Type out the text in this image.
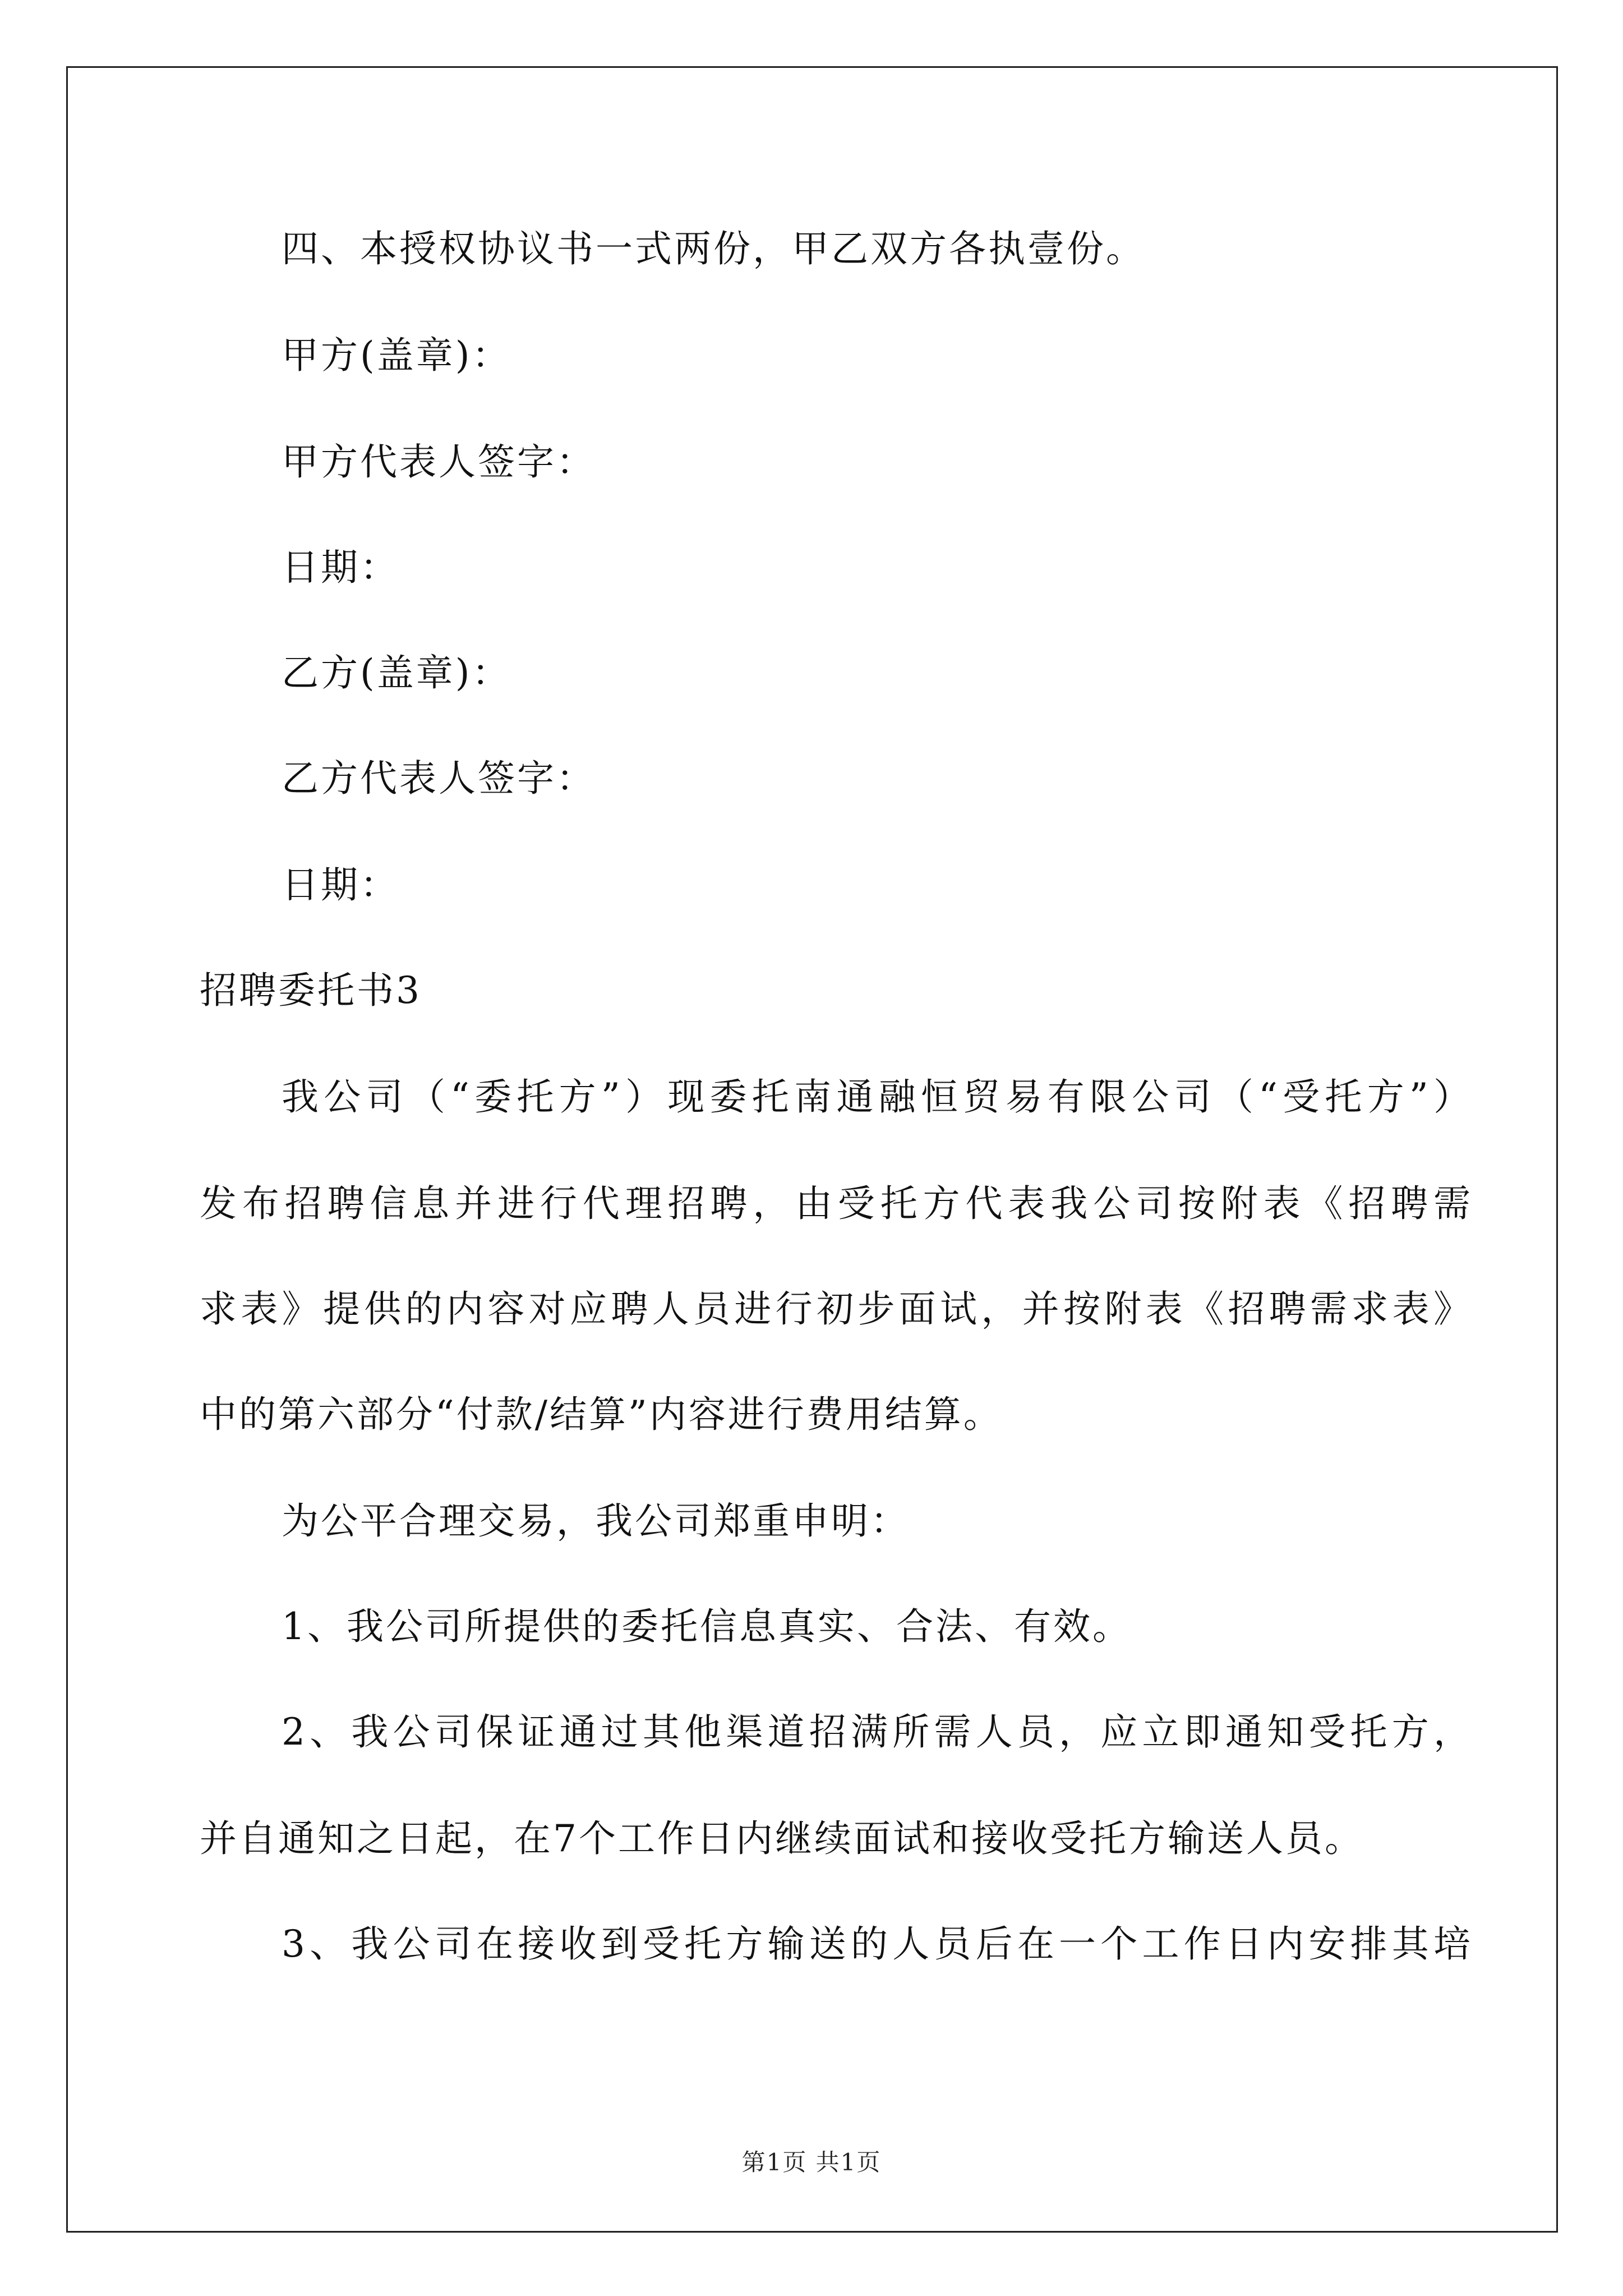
四、本授权协议书一式两份，甲乙双方各执壹份。
甲方(盖章)：
甲方代表人签字：
日期：
乙方(盖章)：
乙方代表人签字：
日期：
招聘委托书3
我公司（“委托方”）现委托南通融恒贸易有限公司（“受托方”）
发布招聘信息并进行代理招聘，由受托方代表我公司按附表《招聘需
求表》提供的内容对应聘人员进行初步面试，并按附表《招聘需求表》
中的第六部分“付款/结算”内容进行费用结算。
为公平合理交易，我公司郑重申明：
1、我公司所提供的委托信息真实、合法、有效。
2、我公司保证通过其他渠道招满所需人员，应立即通知受托方，
并自通知之日起，在7个工作日内继续面试和接收受托方输送人员。
3、我公司在接收到受托方输送的人员后在一个工作日内安排其培
第1页 共1页
